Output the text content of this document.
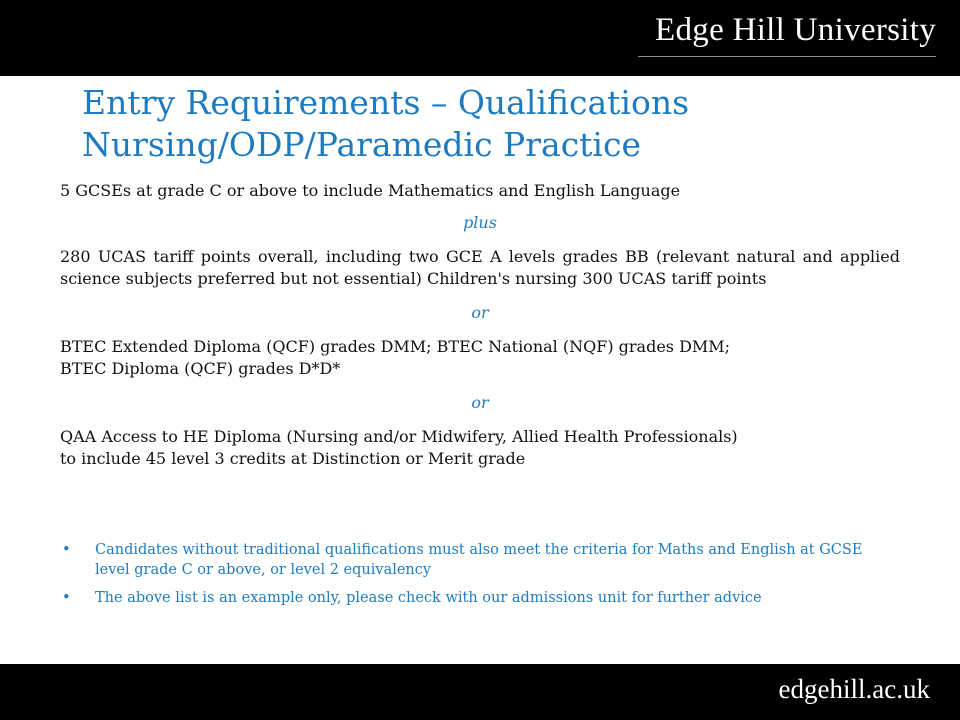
Edge Hill University
Entry Requirements – Qualifications
Nursing/ODP/Paramedic Practice

5 GCSEs at grade C or above to include Mathematics and English Language

plus

280 UCAS tariff points overall, including two GCE A levels grades BB (relevant natural and applied science subjects preferred but not essential) Children's nursing 300 UCAS tariff points

or

BTEC Extended Diploma (QCF) grades DMM; BTEC National (NQF) grades DMM;
BTEC Diploma (QCF) grades D*D*

or

QAA Access to HE Diploma (Nursing and/or Midwifery, Allied Health Professionals)
to include 45 level 3 credits at Distinction or Merit grade
• Candidates without traditional qualifications must also meet the criteria for Maths and English at GCSE level grade C or above, or level 2 equivalency
• The above list is an example only, please check with our admissions unit for further advice
edgehill.ac.uk
